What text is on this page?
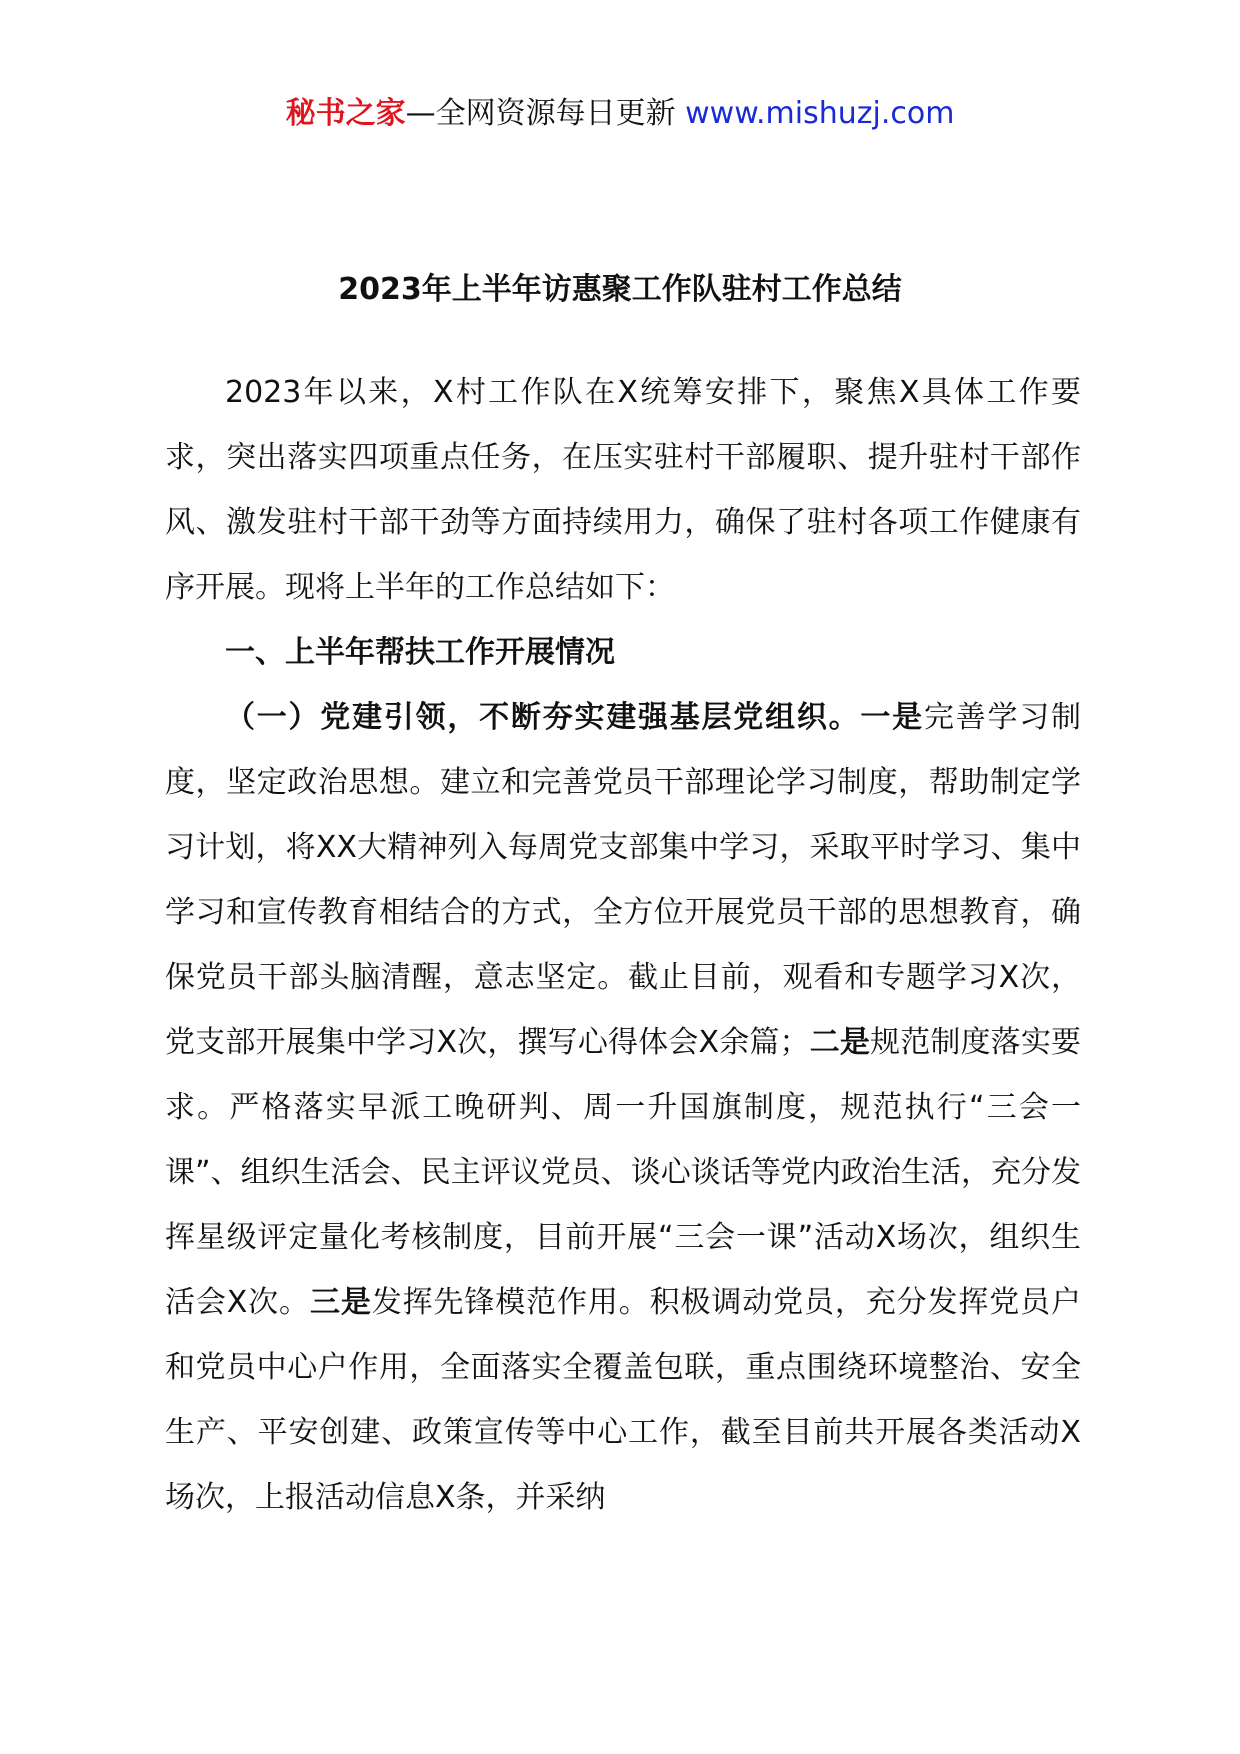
秘书之家—全网资源每日更新 www.mishuzj.com
2023年上半年访惠聚工作队驻村工作总结

2023年以来，X村工作队在X统筹安排下，聚焦X具体工作要求，突出落实四项重点任务，在压实驻村干部履职、提升驻村干部作风、激发驻村干部干劲等方面持续用力，确保了驻村各项工作健康有序开展。现将上半年的工作总结如下：

一、上半年帮扶工作开展情况

（一）党建引领，不断夯实建强基层党组织。一是完善学习制度，坚定政治思想。建立和完善党员干部理论学习制度，帮助制定学习计划，将XX大精神列入每周党支部集中学习，采取平时学习、集中学习和宣传教育相结合的方式，全方位开展党员干部的思想教育，确保党员干部头脑清醒，意志坚定。截止目前，观看和专题学习X次，党支部开展集中学习X次，撰写心得体会X余篇；二是规范制度落实要求。严格落实早派工晚研判、周一升国旗制度，规范执行“三会一课”、组织生活会、民主评议党员、谈心谈话等党内政治生活，充分发挥星级评定量化考核制度，目前开展“三会一课”活动X场次，组织生活会X次。三是发挥先锋模范作用。积极调动党员，充分发挥党员户和党员中心户作用，全面落实全覆盖包联，重点围绕环境整治、安全生产、平安创建、政策宣传等中心工作，截至目前共开展各类活动X场次，上报活动信息X条，并采纳
